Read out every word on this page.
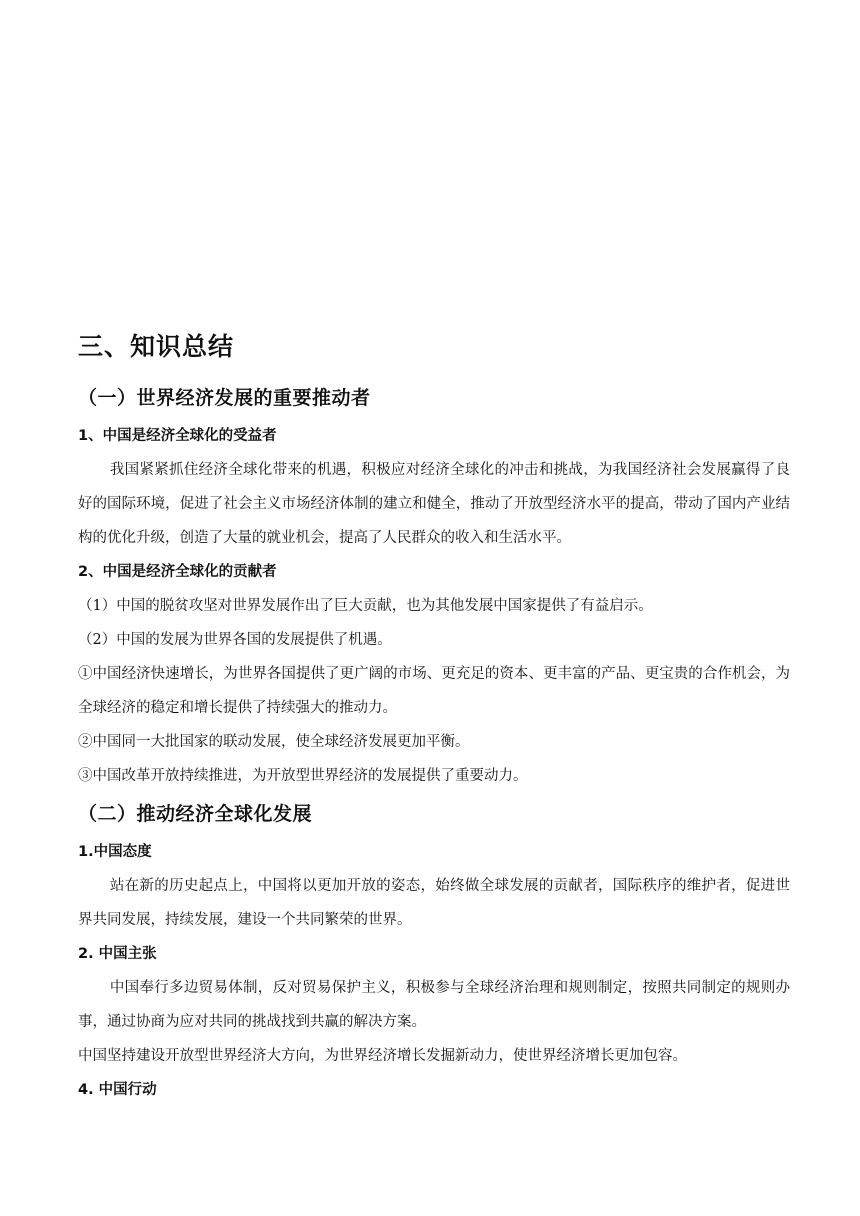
三、知识总结
（一）世界经济发展的重要推动者
1、中国是经济全球化的受益者

我国紧紧抓住经济全球化带来的机遇，积极应对经济全球化的冲击和挑战，为我国经济社会发展赢得了良好的国际环境，促进了社会主义市场经济体制的建立和健全，推动了开放型经济水平的提高，带动了国内产业结构的优化升级，创造了大量的就业机会，提高了人民群众的收入和生活水平。

2、中国是经济全球化的贡献者

（1）中国的脱贫攻坚对世界发展作出了巨大贡献，也为其他发展中国家提供了有益启示。

（2）中国的发展为世界各国的发展提供了机遇。

①中国经济快速增长，为世界各国提供了更广阔的市场、更充足的资本、更丰富的产品、更宝贵的合作机会，为全球经济的稳定和增长提供了持续强大的推动力。

②中国同一大批国家的联动发展，使全球经济发展更加平衡。

③中国改革开放持续推进，为开放型世界经济的发展提供了重要动力。

（二）推动经济全球化发展
1.中国态度

站在新的历史起点上，中国将以更加开放的姿态，始终做全球发展的贡献者，国际秩序的维护者，促进世界共同发展，持续发展，建设一个共同繁荣的世界。

2. 中国主张

中国奉行多边贸易体制，反对贸易保护主义，积极参与全球经济治理和规则制定，按照共同制定的规则办事，通过协商为应对共同的挑战找到共赢的解决方案。

中国坚持建设开放型世界经济大方向，为世界经济增长发掘新动力，使世界经济增长更加包容。

4. 中国行动
